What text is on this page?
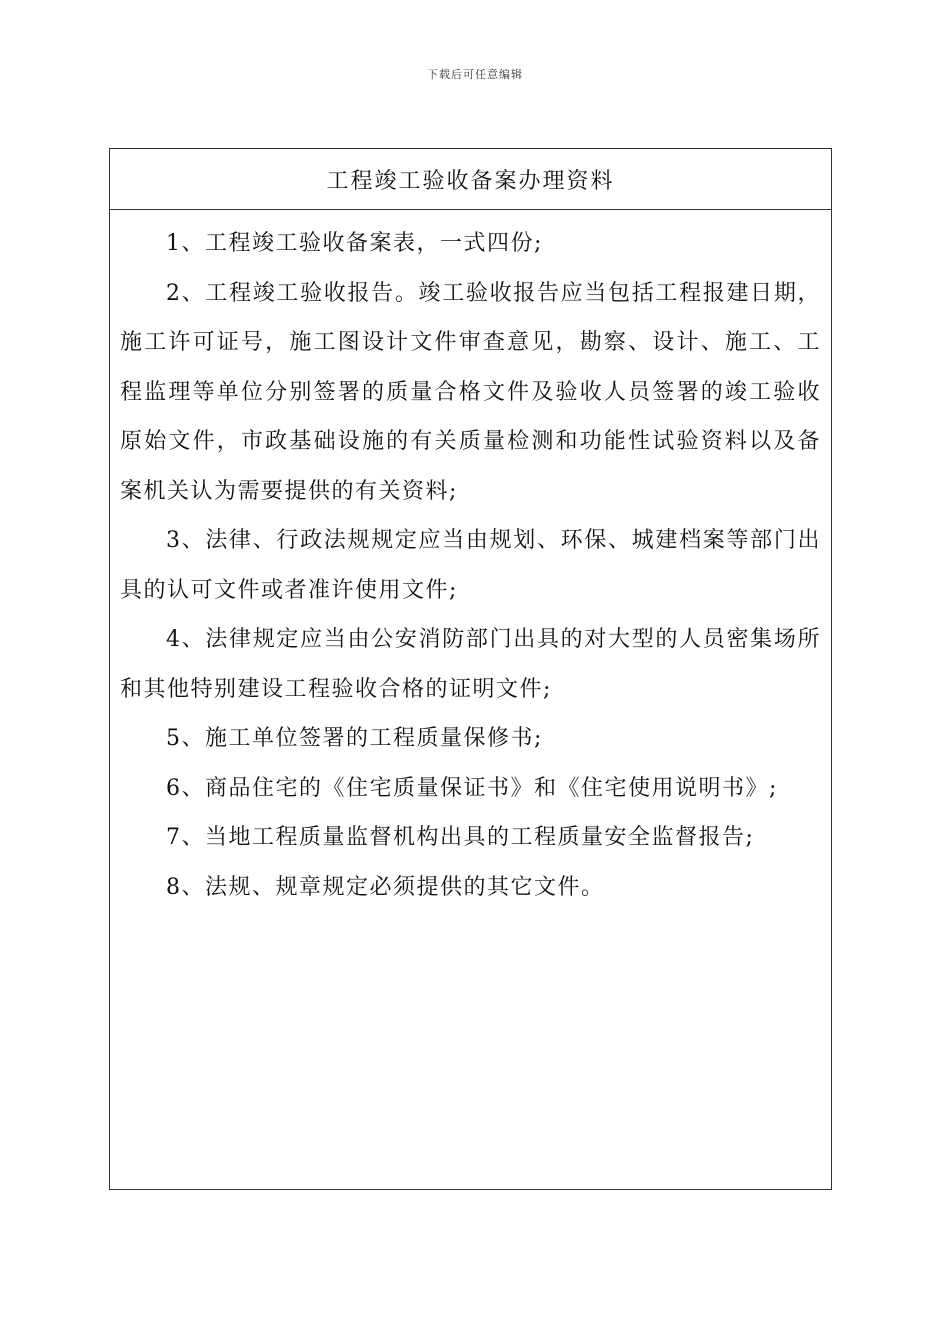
下载后可任意编辑
工程竣工验收备案办理资料

1、工程竣工验收备案表，一式四份;

2、工程竣工验收报告。竣工验收报告应当包括工程报建日期，施工许可证号，施工图设计文件审查意见，勘察、设计、施工、工程监理等单位分别签署的质量合格文件及验收人员签署的竣工验收原始文件，市政基础设施的有关质量检测和功能性试验资料以及备案机关认为需要提供的有关资料;

3、法律、行政法规规定应当由规划、环保、城建档案等部门出具的认可文件或者准许使用文件;

4、法律规定应当由公安消防部门出具的对大型的人员密集场所和其他特别建设工程验收合格的证明文件;

5、施工单位签署的工程质量保修书;

6、商品住宅的《住宅质量保证书》和《住宅使用说明书》;

7、当地工程质量监督机构出具的工程质量安全监督报告;

8、法规、规章规定必须提供的其它文件。
